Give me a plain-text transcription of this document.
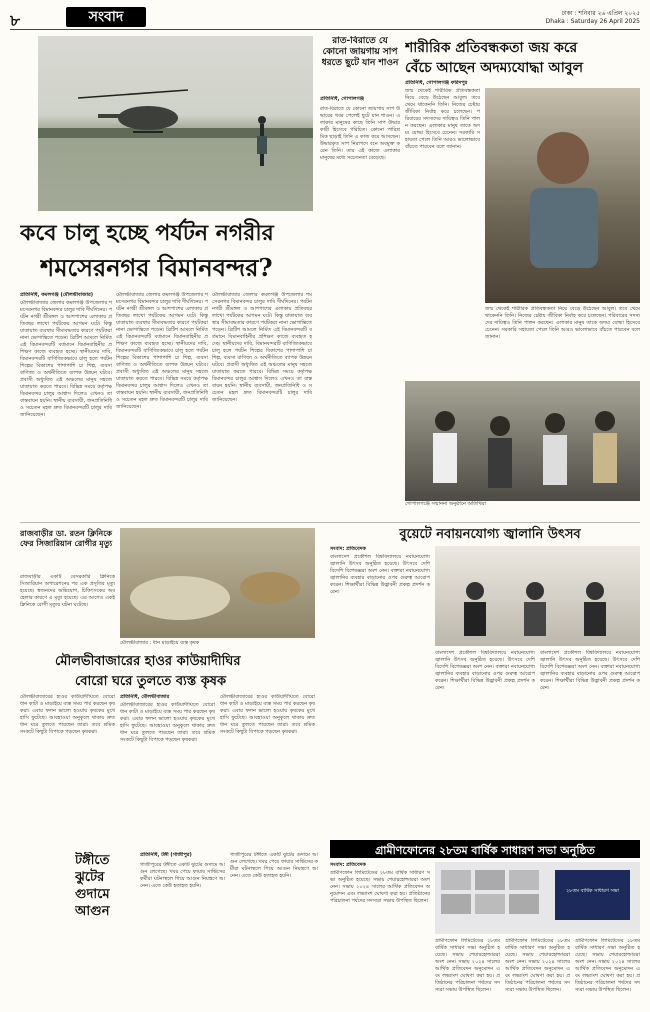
৮	সংবাদ	ঢাকা : শনিবার ২৬ এপ্রিল ২০২৫
Dhaka : Saturday 26 April 2025
রাত-বিরাতে যে কোনো জায়গায় সাপ ধরতে ছুটে যান শাওন
প্রতিনিধি, গোপালগঞ্জ
রাত-বিরাতে যে কোনো জায়গায় সাপ উদ্ধারের খবর পেলেই ছুটে যান শাওন। এলাকার মানুষের কাছে তিনি সাপ উদ্ধারকারী হিসেবে পরিচিত। কোনো পারিশ্রমিক ছাড়াই তিনি এ কাজ করে আসছেন। উদ্ধারকৃত সাপ নিরাপদে বনে অবমুক্ত করেন তিনি। তার এই কাজে এলাকার মানুষের মধ্যে সচেতনতা বেড়েছে।
শারীরিক প্রতিবন্ধকতা জয় করে
বেঁচে আছেন অদম্যযোদ্ধা আবুল
প্রতিনিধি, গোপালগঞ্জ ফরিদপুর
জন্ম থেকেই শারীরিক প্রতিবন্ধকতা নিয়ে বেড়ে উঠেছেন আবুল। তবে থেমে থাকেননি তিনি। নিজের চেষ্টায় জীবিকা নির্বাহ করে চলেছেন। পরিবারের সদস্যদের দায়িত্বও তিনি পালন করছেন। এলাকার মানুষ তাকে অদম্য যোদ্ধা হিসেবে চেনেন। সরকারি সহায়তা পেলে তিনি আরও ভালোভাবে বাঁচতে পারবেন বলে জানান।
জন্ম থেকেই শারীরিক প্রতিবন্ধকতা নিয়ে বেড়ে উঠেছেন আবুল। তবে থেমে থাকেননি তিনি। নিজের চেষ্টায় জীবিকা নির্বাহ করে চলেছেন। পরিবারের সদস্যদের দায়িত্বও তিনি পালন করছেন। এলাকার মানুষ তাকে অদম্য যোদ্ধা হিসেবে চেনেন। সরকারি সহায়তা পেলে তিনি আরও ভালোভাবে বাঁচতে পারবেন বলে জানান।
গোপালগঞ্জে সম্মাননা অনুষ্ঠানে অতিথিরা
কবে চালু হচ্ছে পর্যটন নগরীর
শমসেরনগর বিমানবন্দর?
প্রতিনিধি, কমলগঞ্জ (মৌলভীবাজার)
মৌলভীবাজার জেলার কমলগঞ্জ উপজেলার শমসেরনগর বিমানবন্দর চালুর দাবি দীর্ঘদিনের। পর্যটন নগরী শ্রীমঙ্গল ও আশপাশের এলাকায় প্রতিবছর লাখো পর্যটকের আগমন ঘটে। কিন্তু যাতায়াত ব্যবস্থার সীমাবদ্ধতার কারণে পর্যটকরা নানা ভোগান্তিতে পড়েন। ব্রিটিশ আমলে নির্মিত এই বিমানবন্দরটি বর্তমানে বিমানবাহিনীর প্রশিক্ষণ কাজে ব্যবহৃত হচ্ছে। স্থানীয়দের দাবি, বিমানবন্দরটি বাণিজ্যিকভাবে চালু হলে পর্যটন শিল্পের বিকাশের পাশাপাশি চা শিল্প, ব্যবসা বাণিজ্য ও অর্থনীতিতে ব্যাপক উন্নয়ন ঘটবে। প্রবাসী অধ্যুষিত এই অঞ্চলের মানুষ সহজে যাতায়াত করতে পারবে। বিভিন্ন সময়ে কর্তৃপক্ষ বিমানবন্দর চালুর আশ্বাস দিলেও এখনও তা বাস্তবায়ন হয়নি। স্থানীয় ব্যবসায়ী, জনপ্রতিনিধি ও সচেতন মহল দ্রুত বিমানবন্দরটি চালুর দাবি জানিয়েছেন।
মৌলভীবাজার জেলার কমলগঞ্জ উপজেলার শমসেরনগর বিমানবন্দর চালুর দাবি দীর্ঘদিনের। পর্যটন নগরী শ্রীমঙ্গল ও আশপাশের এলাকায় প্রতিবছর লাখো পর্যটকের আগমন ঘটে। কিন্তু যাতায়াত ব্যবস্থার সীমাবদ্ধতার কারণে পর্যটকরা নানা ভোগান্তিতে পড়েন। ব্রিটিশ আমলে নির্মিত এই বিমানবন্দরটি বর্তমানে বিমানবাহিনীর প্রশিক্ষণ কাজে ব্যবহৃত হচ্ছে। স্থানীয়দের দাবি, বিমানবন্দরটি বাণিজ্যিকভাবে চালু হলে পর্যটন শিল্পের বিকাশের পাশাপাশি চা শিল্প, ব্যবসা বাণিজ্য ও অর্থনীতিতে ব্যাপক উন্নয়ন ঘটবে। প্রবাসী অধ্যুষিত এই অঞ্চলের মানুষ সহজে যাতায়াত করতে পারবে। বিভিন্ন সময়ে কর্তৃপক্ষ বিমানবন্দর চালুর আশ্বাস দিলেও এখনও তা বাস্তবায়ন হয়নি। স্থানীয় ব্যবসায়ী, জনপ্রতিনিধি ও সচেতন মহল দ্রুত বিমানবন্দরটি চালুর দাবি জানিয়েছেন।
মৌলভীবাজার জেলার কমলগঞ্জ উপজেলার শমসেরনগর বিমানবন্দর চালুর দাবি দীর্ঘদিনের। পর্যটন নগরী শ্রীমঙ্গল ও আশপাশের এলাকায় প্রতিবছর লাখো পর্যটকের আগমন ঘটে। কিন্তু যাতায়াত ব্যবস্থার সীমাবদ্ধতার কারণে পর্যটকরা নানা ভোগান্তিতে পড়েন। ব্রিটিশ আমলে নির্মিত এই বিমানবন্দরটি বর্তমানে বিমানবাহিনীর প্রশিক্ষণ কাজে ব্যবহৃত হচ্ছে। স্থানীয়দের দাবি, বিমানবন্দরটি বাণিজ্যিকভাবে চালু হলে পর্যটন শিল্পের বিকাশের পাশাপাশি চা শিল্প, ব্যবসা বাণিজ্য ও অর্থনীতিতে ব্যাপক উন্নয়ন ঘটবে। প্রবাসী অধ্যুষিত এই অঞ্চলের মানুষ সহজে যাতায়াত করতে পারবে। বিভিন্ন সময়ে কর্তৃপক্ষ বিমানবন্দর চালুর আশ্বাস দিলেও এখনও তা বাস্তবায়ন হয়নি। স্থানীয় ব্যবসায়ী, জনপ্রতিনিধি ও সচেতন মহল দ্রুত বিমানবন্দরটি চালুর দাবি জানিয়েছেন।
রাজবাড়ীর ডা. রতন ক্লিনিকে ফের সিজারিয়ান রোগীর মৃত্যু
রাজবাড়ীর একটি বেসরকারি ক্লিনিকে সিজারিয়ান অপারেশনের পর এক প্রসূতির মৃত্যু হয়েছে। স্বজনদের অভিযোগ, চিকিৎসকের অবহেলার কারণে এ মৃত্যু হয়েছে। এর আগেও একই ক্লিনিকে রোগী মৃত্যুর ঘটনা ঘটেছে।
মৌলভীবাজার : ধান মাড়াইয়ে ব্যস্ত কৃষক
মৌলভীবাজারের হাওর কাউয়াদীঘির
বোরো ঘরে তুলতে ব্যস্ত কৃষক
মৌলভীবাজারের হাওর কাউয়াদীঘিতে বোরো ধান কাটা ও মাড়াইয়ে ব্যস্ত সময় পার করছেন কৃষকরা। এবার ফলন ভালো হওয়ায় কৃষকের মুখে হাসি ফুটেছে। আবহাওয়া অনুকূলে থাকায় দ্রুত ধান ঘরে তুলতে পারছেন তারা। তবে শ্রমিক সংকটে কিছুটা বিপাকে পড়ছেন কৃষকরা।
প্রতিনিধি, মৌলভীবাজার
মৌলভীবাজারের হাওর কাউয়াদীঘিতে বোরো ধান কাটা ও মাড়াইয়ে ব্যস্ত সময় পার করছেন কৃষকরা। এবার ফলন ভালো হওয়ায় কৃষকের মুখে হাসি ফুটেছে। আবহাওয়া অনুকূলে থাকায় দ্রুত ধান ঘরে তুলতে পারছেন তারা। তবে শ্রমিক সংকটে কিছুটা বিপাকে পড়ছেন কৃষকরা।
মৌলভীবাজারের হাওর কাউয়াদীঘিতে বোরো ধান কাটা ও মাড়াইয়ে ব্যস্ত সময় পার করছেন কৃষকরা। এবার ফলন ভালো হওয়ায় কৃষকের মুখে হাসি ফুটেছে। আবহাওয়া অনুকূলে থাকায় দ্রুত ধান ঘরে তুলতে পারছেন তারা। তবে শ্রমিক সংকটে কিছুটা বিপাকে পড়ছেন কৃষকরা।
টঙ্গীতে ঝুটের গুদামে আগুন
প্রতিনিধি, টঙ্গী (গাজীপুর)
গাজীপুরের টঙ্গীতে একটি ঝুটের গুদামে আগুন লেগেছে। খবর পেয়ে ফায়ার সার্ভিসের কর্মীরা ঘটনাস্থলে গিয়ে আগুন নিয়ন্ত্রণে আনেন। এতে কেউ হতাহত হয়নি।
গাজীপুরের টঙ্গীতে একটি ঝুটের গুদামে আগুন লেগেছে। খবর পেয়ে ফায়ার সার্ভিসের কর্মীরা ঘটনাস্থলে গিয়ে আগুন নিয়ন্ত্রণে আনেন। এতে কেউ হতাহত হয়নি।
বুয়েটে নবায়নযোগ্য জ্বালানি উৎসব
সংবাদ: প্রতিবেদক
বাংলাদেশ প্রকৌশল বিশ্ববিদ্যালয়ে নবায়নযোগ্য জ্বালানি উৎসব অনুষ্ঠিত হয়েছে। উৎসবে দেশি বিদেশি বিশেষজ্ঞরা অংশ নেন। বক্তারা নবায়নযোগ্য জ্বালানির ব্যবহার বাড়ানোর ওপর গুরুত্ব আরোপ করেন। শিক্ষার্থীরা বিভিন্ন উদ্ভাবনী প্রকল্প প্রদর্শন করেন।
বাংলাদেশ প্রকৌশল বিশ্ববিদ্যালয়ে নবায়নযোগ্য জ্বালানি উৎসব অনুষ্ঠিত হয়েছে। উৎসবে দেশি বিদেশি বিশেষজ্ঞরা অংশ নেন। বক্তারা নবায়নযোগ্য জ্বালানির ব্যবহার বাড়ানোর ওপর গুরুত্ব আরোপ করেন। শিক্ষার্থীরা বিভিন্ন উদ্ভাবনী প্রকল্প প্রদর্শন করেন।
বাংলাদেশ প্রকৌশল বিশ্ববিদ্যালয়ে নবায়নযোগ্য জ্বালানি উৎসব অনুষ্ঠিত হয়েছে। উৎসবে দেশি বিদেশি বিশেষজ্ঞরা অংশ নেন। বক্তারা নবায়নযোগ্য জ্বালানির ব্যবহার বাড়ানোর ওপর গুরুত্ব আরোপ করেন। শিক্ষার্থীরা বিভিন্ন উদ্ভাবনী প্রকল্প প্রদর্শন করেন।
গ্রামীণফোনের ২৮তম বার্ষিক সাধারণ সভা অনুষ্ঠিত
সংবাদ: প্রতিবেদক
গ্রামীণফোন লিমিটেডের ২৮তম বার্ষিক সাধারণ সভা অনুষ্ঠিত হয়েছে। সভায় শেয়ারহোল্ডাররা অংশ নেন। সভায় ২০২৪ সালের আর্থিক প্রতিবেদন অনুমোদন এবং লভ্যাংশ ঘোষণা করা হয়। প্রতিষ্ঠানের পরিচালনা পর্ষদের সদস্যরা সভায় উপস্থিত ছিলেন।
২৮তম বার্ষিক সাধারণ সভা
গ্রামীণফোন লিমিটেডের ২৮তম বার্ষিক সাধারণ সভা অনুষ্ঠিত হয়েছে। সভায় শেয়ারহোল্ডাররা অংশ নেন। সভায় ২০২৪ সালের আর্থিক প্রতিবেদন অনুমোদন এবং লভ্যাংশ ঘোষণা করা হয়। প্রতিষ্ঠানের পরিচালনা পর্ষদের সদস্যরা সভায় উপস্থিত ছিলেন।
গ্রামীণফোন লিমিটেডের ২৮তম বার্ষিক সাধারণ সভা অনুষ্ঠিত হয়েছে। সভায় শেয়ারহোল্ডাররা অংশ নেন। সভায় ২০২৪ সালের আর্থিক প্রতিবেদন অনুমোদন এবং লভ্যাংশ ঘোষণা করা হয়। প্রতিষ্ঠানের পরিচালনা পর্ষদের সদস্যরা সভায় উপস্থিত ছিলেন।
গ্রামীণফোন লিমিটেডের ২৮তম বার্ষিক সাধারণ সভা অনুষ্ঠিত হয়েছে। সভায় শেয়ারহোল্ডাররা অংশ নেন। সভায় ২০২৪ সালের আর্থিক প্রতিবেদন অনুমোদন এবং লভ্যাংশ ঘোষণা করা হয়। প্রতিষ্ঠানের পরিচালনা পর্ষদের সদস্যরা সভায় উপস্থিত ছিলেন।
